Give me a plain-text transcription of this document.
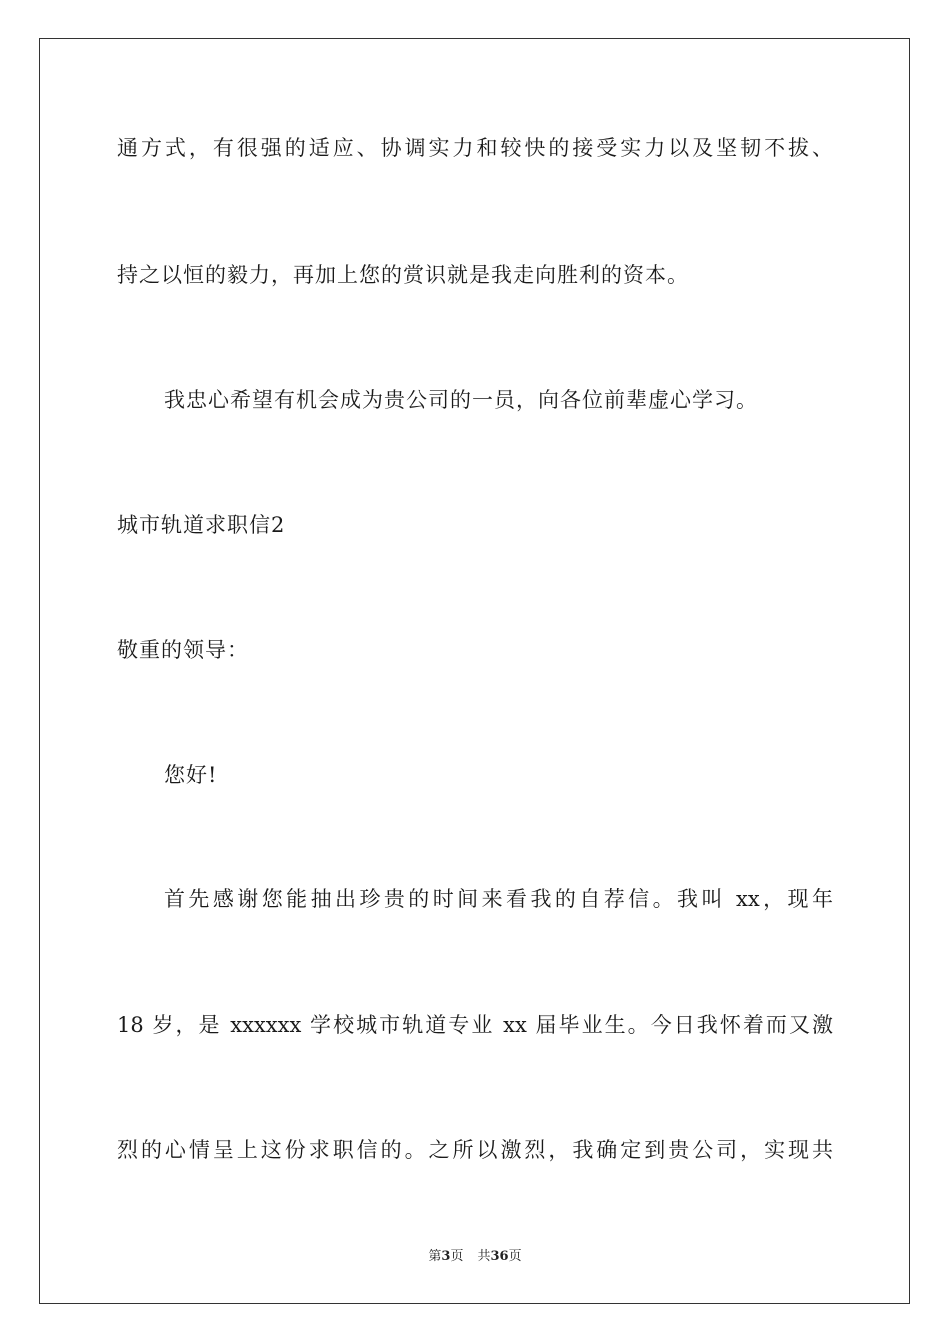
通方式，有很强的适应、协调实力和较快的接受实力以及坚韧不拔、
持之以恒的毅力，再加上您的赏识就是我走向胜利的资本。
我忠心希望有机会成为贵公司的一员，向各位前辈虚心学习。
城市轨道求职信2
敬重的领导：
您好!
首先感谢您能抽出珍贵的时间来看我的自荐信。我叫 xx，现年
18 岁，是 xxxxxx 学校城市轨道专业 xx 届毕业生。今日我怀着而又激
烈的心情呈上这份求职信的。之所以激烈，我确定到贵公司，实现共
第3页 共36页
